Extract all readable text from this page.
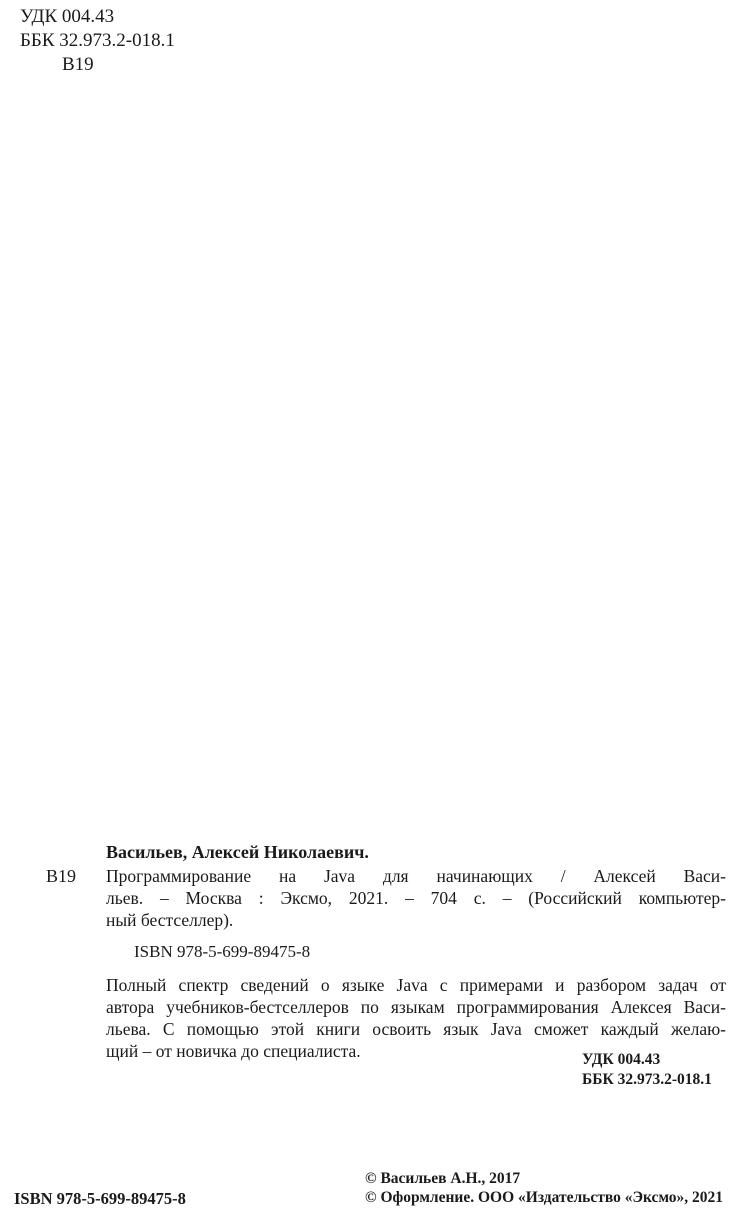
УДК 004.43
ББК 32.973.2-018.1
В19
Васильев, Алексей Николаевич.
В19 Программирование на Java для начинающих / Алексей Васи-
льев. – Москва : Эксмо, 2021. – 704 с. – (Российский компьютер-
ный бестселлер).
ISBN 978-5-699-89475-8
Полный спектр сведений о языке Java с примерами и разбором задач от
автора учебников-бестселлеров по языкам программирования Алексея Васи-
льева. С помощью этой книги освоить язык Java сможет каждый желаю-
щий – от новичка до специалиста.	УДК 004.43
ББК 32.973.2-018.1
© Васильев А.Н., 2017
ISBN 978-5-699-89475-8	© Оформление. ООО «Издательство «Эксмо», 2021
